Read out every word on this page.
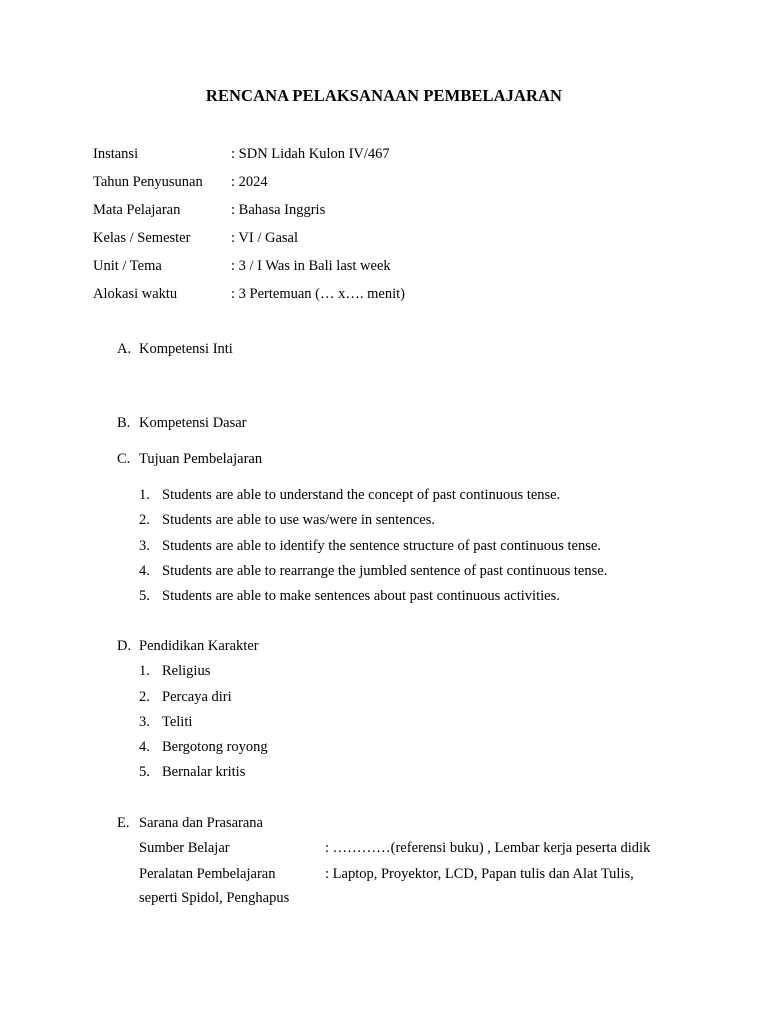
RENCANA PELAKSANAAN PEMBELAJARAN
Instansi	: SDN Lidah Kulon IV/467
Tahun Penyusunan : 2024
Mata Pelajaran	: Bahasa Inggris
Kelas / Semester	: VI / Gasal
Unit / Tema	: 3 / I Was in Bali last week
Alokasi waktu	: 3 Pertemuan (… x…. menit)
A. Kompetensi Inti
B. Kompetensi Dasar
C. Tujuan Pembelajaran
1. Students are able to understand the concept of past continuous tense.
2. Students are able to use was/were in sentences.
3. Students are able to identify the sentence structure of past continuous tense.
4. Students are able to rearrange the jumbled sentence of past continuous tense.
5. Students are able to make sentences about past continuous activities.
D. Pendidikan Karakter
1. Religius
2. Percaya diri
3. Teliti
4. Bergotong royong
5. Bernalar kritis
E. Sarana dan Prasarana
Sumber Belajar	: …………(referensi buku) , Lembar kerja peserta didik
Peralatan Pembelajaran	: Laptop, Proyektor, LCD, Papan tulis dan Alat Tulis,
seperti Spidol, Penghapus
